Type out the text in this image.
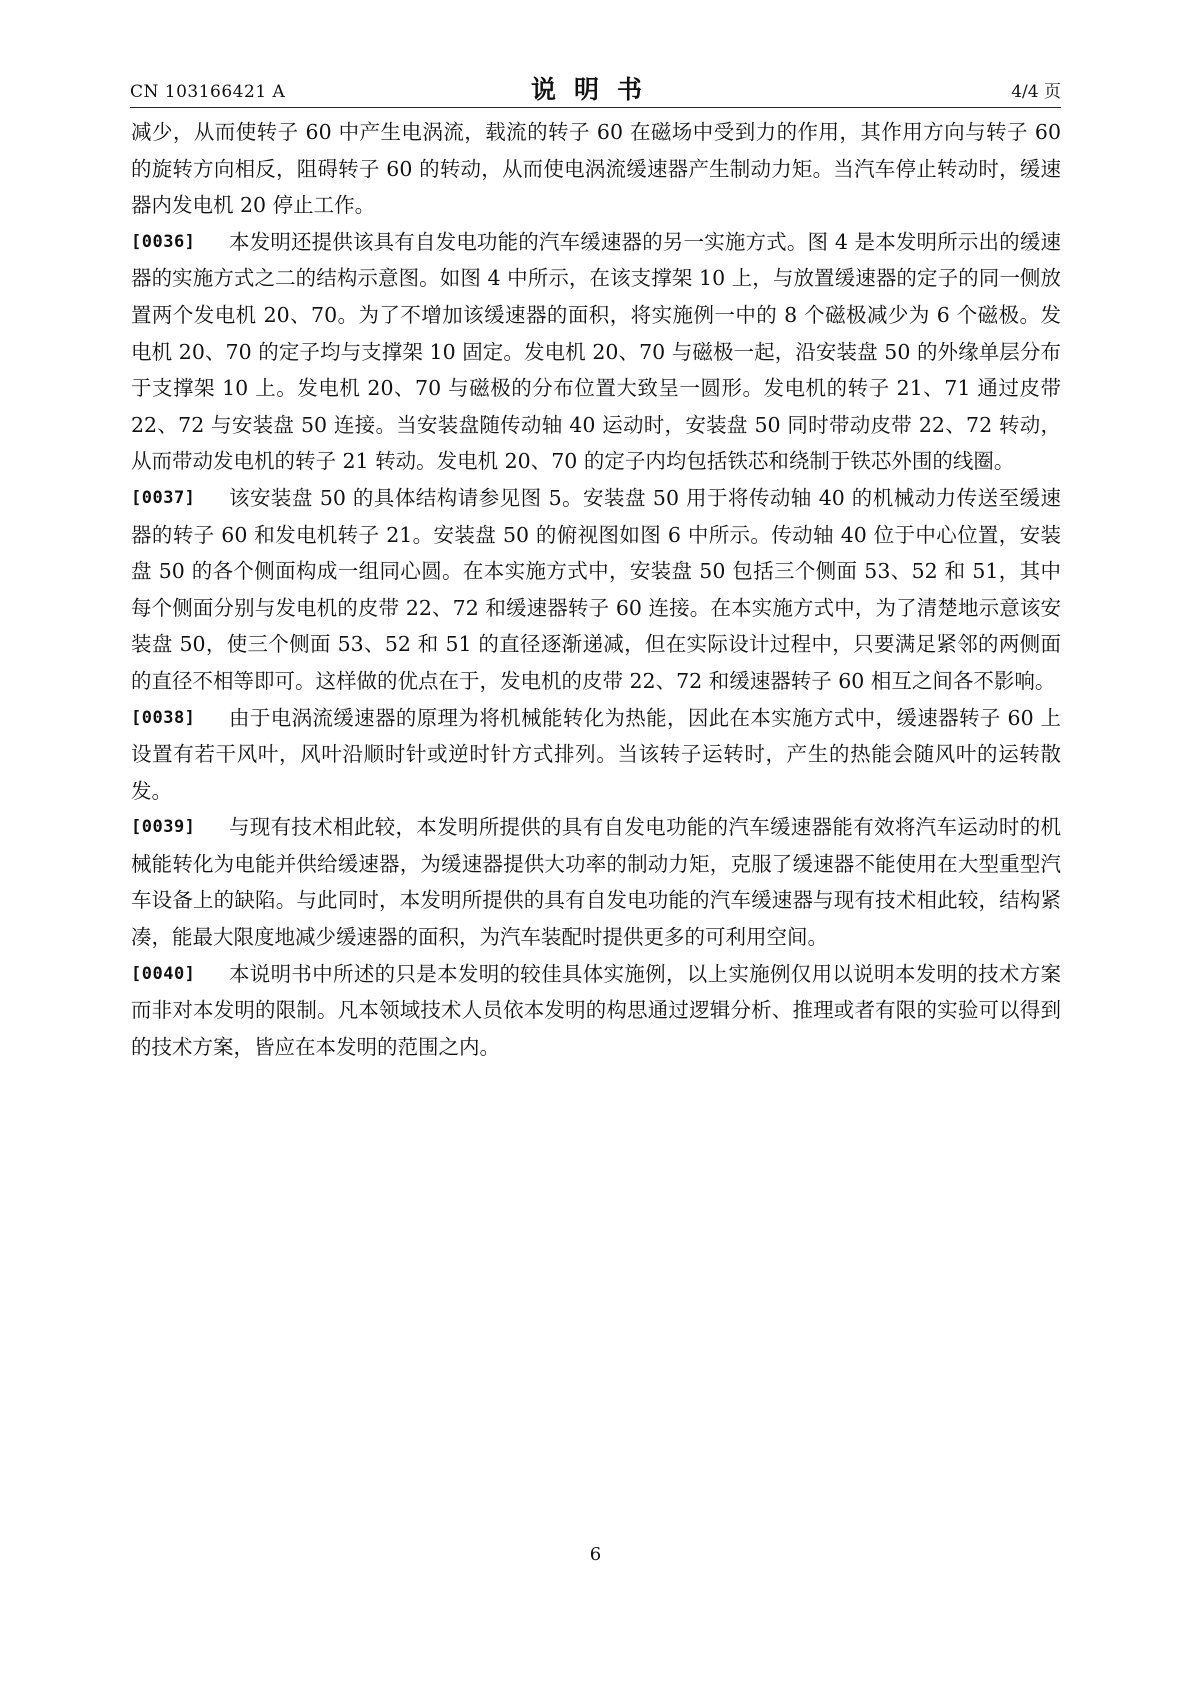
CN 103166421 A	说明书	4/4 页

减少，从而使转子 60 中产生电涡流，载流的转子 60 在磁场中受到力的作用，其作用方向与转子 60 的旋转方向相反，阻碍转子 60 的转动，从而使电涡流缓速器产生制动力矩。当汽车停止转动时，缓速器内发电机 20 停止工作。

[0036] 本发明还提供该具有自发电功能的汽车缓速器的另一实施方式。图 4 是本发明所示出的缓速器的实施方式之二的结构示意图。如图 4 中所示，在该支撑架 10 上，与放置缓速器的定子的同一侧放置两个发电机 20、70。为了不增加该缓速器的面积，将实施例一中的 8 个磁极减少为 6 个磁极。发电机 20、70 的定子均与支撑架 10 固定。发电机 20、70 与磁极一起，沿安装盘 50 的外缘单层分布于支撑架 10 上。发电机 20、70 与磁极的分布位置大致呈一圆形。发电机的转子 21、71 通过皮带 22、72 与安装盘 50 连接。当安装盘随传动轴 40 运动时，安装盘 50 同时带动皮带 22、72 转动，从而带动发电机的转子 21 转动。发电机 20、70 的定子内均包括铁芯和绕制于铁芯外围的线圈。

[0037] 该安装盘 50 的具体结构请参见图 5。安装盘 50 用于将传动轴 40 的机械动力传送至缓速器的转子 60 和发电机转子 21。安装盘 50 的俯视图如图 6 中所示。传动轴 40 位于中心位置，安装盘 50 的各个侧面构成一组同心圆。在本实施方式中，安装盘 50 包括三个侧面 53、52 和 51，其中每个侧面分别与发电机的皮带 22、72 和缓速器转子 60 连接。在本实施方式中，为了清楚地示意该安装盘 50，使三个侧面 53、52 和 51 的直径逐渐递减，但在实际设计过程中，只要满足紧邻的两侧面的直径不相等即可。这样做的优点在于，发电机的皮带 22、72 和缓速器转子 60 相互之间各不影响。

[0038] 由于电涡流缓速器的原理为将机械能转化为热能，因此在本实施方式中，缓速器转子 60 上设置有若干风叶，风叶沿顺时针或逆时针方式排列。当该转子运转时，产生的热能会随风叶的运转散发。

[0039] 与现有技术相此较，本发明所提供的具有自发电功能的汽车缓速器能有效将汽车运动时的机械能转化为电能并供给缓速器，为缓速器提供大功率的制动力矩，克服了缓速器不能使用在大型重型汽车设备上的缺陷。与此同时，本发明所提供的具有自发电功能的汽车缓速器与现有技术相此较，结构紧凑，能最大限度地减少缓速器的面积，为汽车装配时提供更多的可利用空间。

[0040] 本说明书中所述的只是本发明的较佳具体实施例，以上实施例仅用以说明本发明的技术方案而非对本发明的限制。凡本领域技术人员依本发明的构思通过逻辑分析、推理或者有限的实验可以得到的技术方案，皆应在本发明的范围之内。

6
